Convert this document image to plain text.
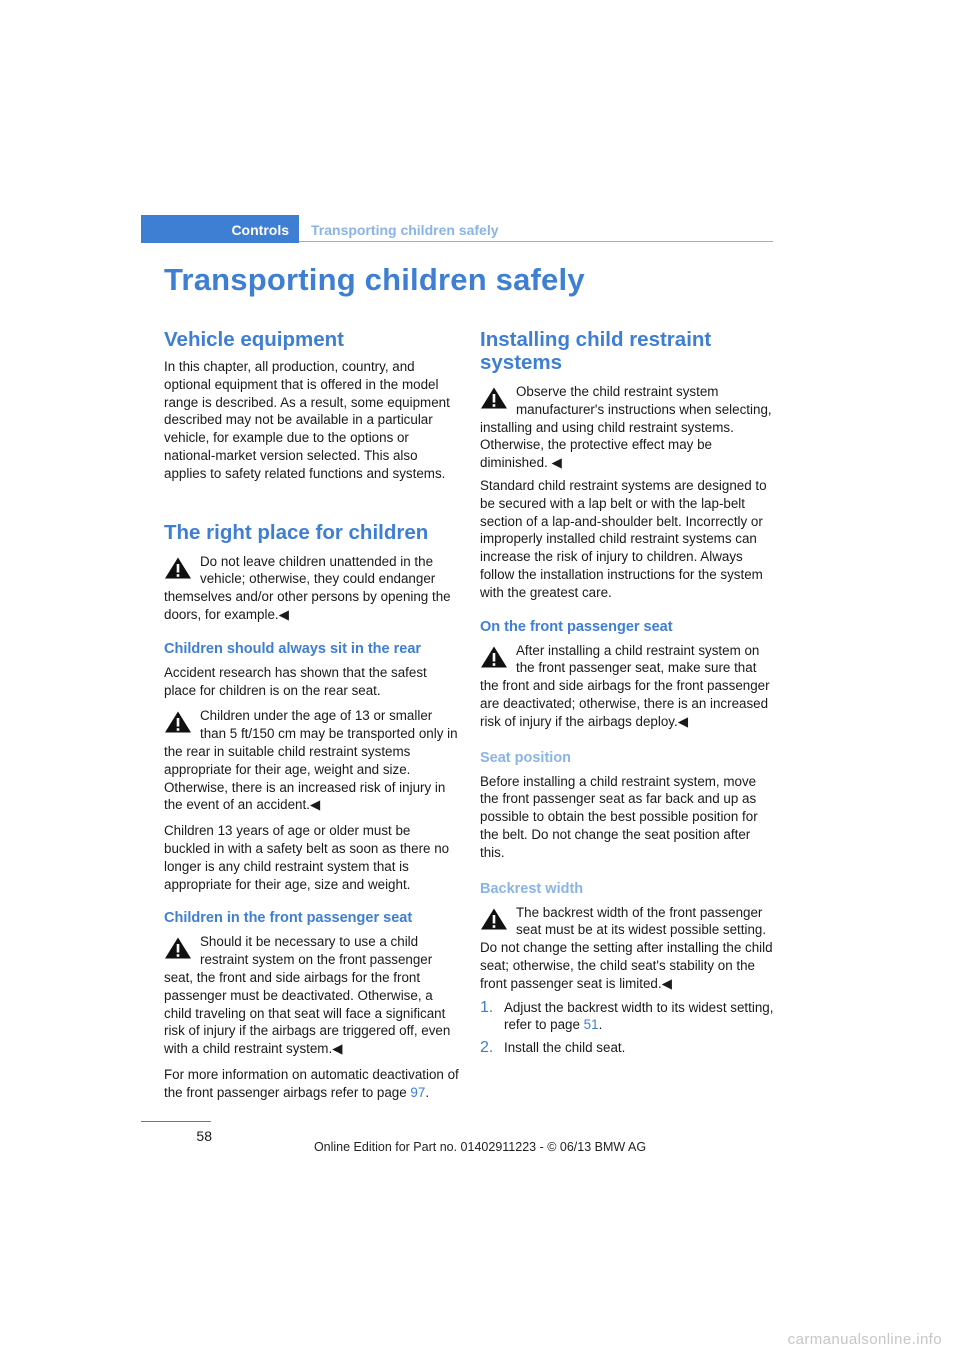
Controls	Transporting children safely
Transporting children safely
Vehicle equipment

In this chapter, all production, country, and optional equipment that is offered in the model range is described. As a result, some equipment described may not be available in a particular vehicle, for example due to the options or national-market version selected. This also applies to safety related functions and systems.

The right place for children

Do not leave children unattended in the vehicle; otherwise, they could endanger themselves and/or other persons by opening the doors, for example.◀

Children should always sit in the rear

Accident research has shown that the safest place for children is on the rear seat.

Children under the age of 13 or smaller than 5 ft/150 cm may be transported only in the rear in suitable child restraint systems appropriate for their age, weight and size. Otherwise, there is an increased risk of injury in the event of an accident.◀

Children 13 years of age or older must be buckled in with a safety belt as soon as there no longer is any child restraint system that is appropriate for their age, size and weight.

Children in the front passenger seat

Should it be necessary to use a child restraint system on the front passenger seat, the front and side airbags for the front passenger must be deactivated. Otherwise, a child traveling on that seat will face a significant risk of injury if the airbags are triggered off, even with a child restraint system.◀

For more information on automatic deactivation of the front passenger airbags refer to page 97.

Installing child restraint systems

Observe the child restraint system manufacturer's instructions when selecting, installing and using child restraint systems. Otherwise, the protective effect may be diminished. ◀

Standard child restraint systems are designed to be secured with a lap belt or with the lap-belt section of a lap-and-shoulder belt. Incorrectly or improperly installed child restraint systems can increase the risk of injury to children. Always follow the installation instructions for the system with the greatest care.

On the front passenger seat

After installing a child restraint system on the front passenger seat, make sure that the front and side airbags for the front passenger are deactivated; otherwise, there is an increased risk of injury if the airbags deploy.◀

Seat position

Before installing a child restraint system, move the front passenger seat as far back and up as possible to obtain the best possible position for the belt. Do not change the seat position after this.

Backrest width

The backrest width of the front passenger seat must be at its widest possible setting. Do not change the setting after installing the child seat; otherwise, the child seat's stability on the front passenger seat is limited.◀

1. Adjust the backrest width to its widest setting, refer to page 51.

2. Install the child seat.

58
Online Edition for Part no. 01402911223 - © 06/13 BMW AG
carmanualsonline.info
